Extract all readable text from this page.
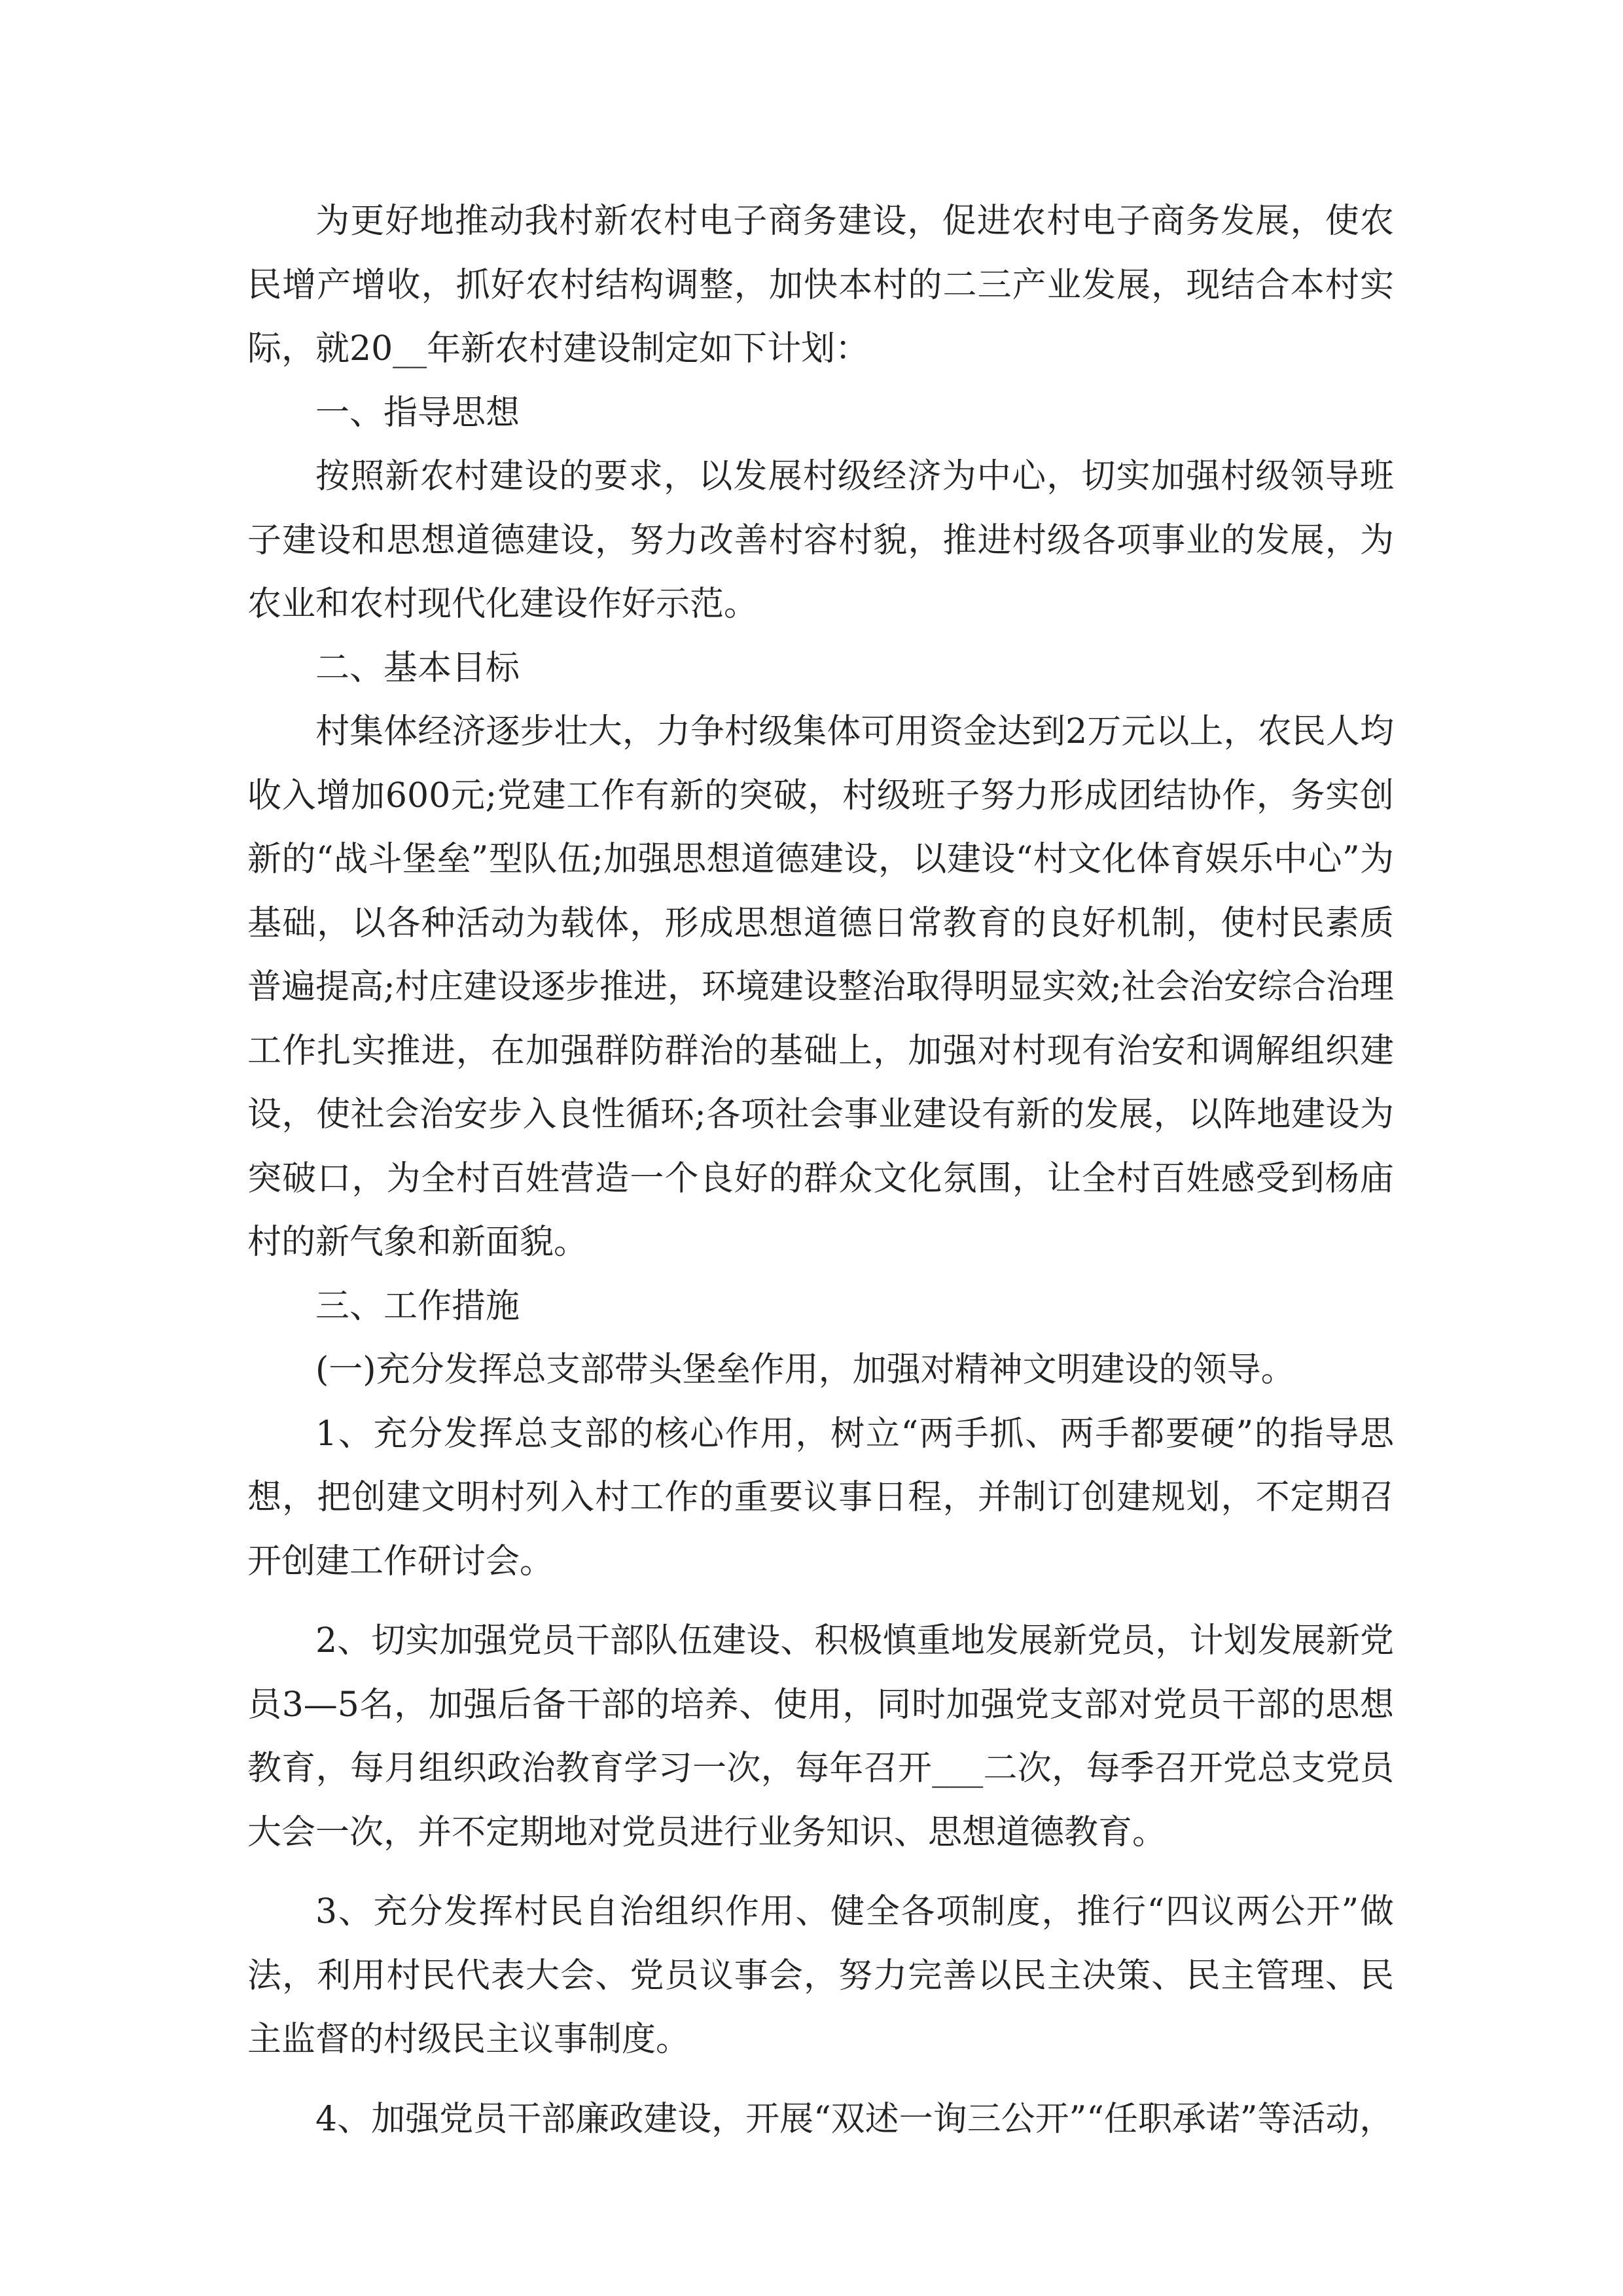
为更好地推动我村新农村电子商务建设，促进农村电子商务发展，使农民增产增收，抓好农村结构调整，加快本村的二三产业发展，现结合本村实际，就20__年新农村建设制定如下计划：

一、指导思想

按照新农村建设的要求，以发展村级经济为中心，切实加强村级领导班子建设和思想道德建设，努力改善村容村貌，推进村级各项事业的发展，为农业和农村现代化建设作好示范。

二、基本目标

村集体经济逐步壮大，力争村级集体可用资金达到2万元以上，农民人均收入增加600元;党建工作有新的突破，村级班子努力形成团结协作，务实创新的“战斗堡垒”型队伍;加强思想道德建设，以建设“村文化体育娱乐中心”为基础，以各种活动为载体，形成思想道德日常教育的良好机制，使村民素质普遍提高;村庄建设逐步推进，环境建设整治取得明显实效;社会治安综合治理工作扎实推进，在加强群防群治的基础上，加强对村现有治安和调解组织建设，使社会治安步入良性循环;各项社会事业建设有新的发展，以阵地建设为突破口，为全村百姓营造一个良好的群众文化氛围，让全村百姓感受到杨庙村的新气象和新面貌。

三、工作措施

(一)充分发挥总支部带头堡垒作用，加强对精神文明建设的领导。

1、充分发挥总支部的核心作用，树立“两手抓、两手都要硬”的指导思想，把创建文明村列入村工作的重要议事日程，并制订创建规划，不定期召开创建工作研讨会。

2、切实加强党员干部队伍建设、积极慎重地发展新党员，计划发展新党员3—5名，加强后备干部的培养、使用，同时加强党支部对党员干部的思想教育，每月组织政治教育学习一次，每年召开___二次，每季召开党总支党员大会一次，并不定期地对党员进行业务知识、思想道德教育。

3、充分发挥村民自治组织作用、健全各项制度，推行“四议两公开”做法，利用村民代表大会、党员议事会，努力完善以民主决策、民主管理、民主监督的村级民主议事制度。

4、加强党员干部廉政建设，开展“双述一询三公开”“任职承诺”等活动，
